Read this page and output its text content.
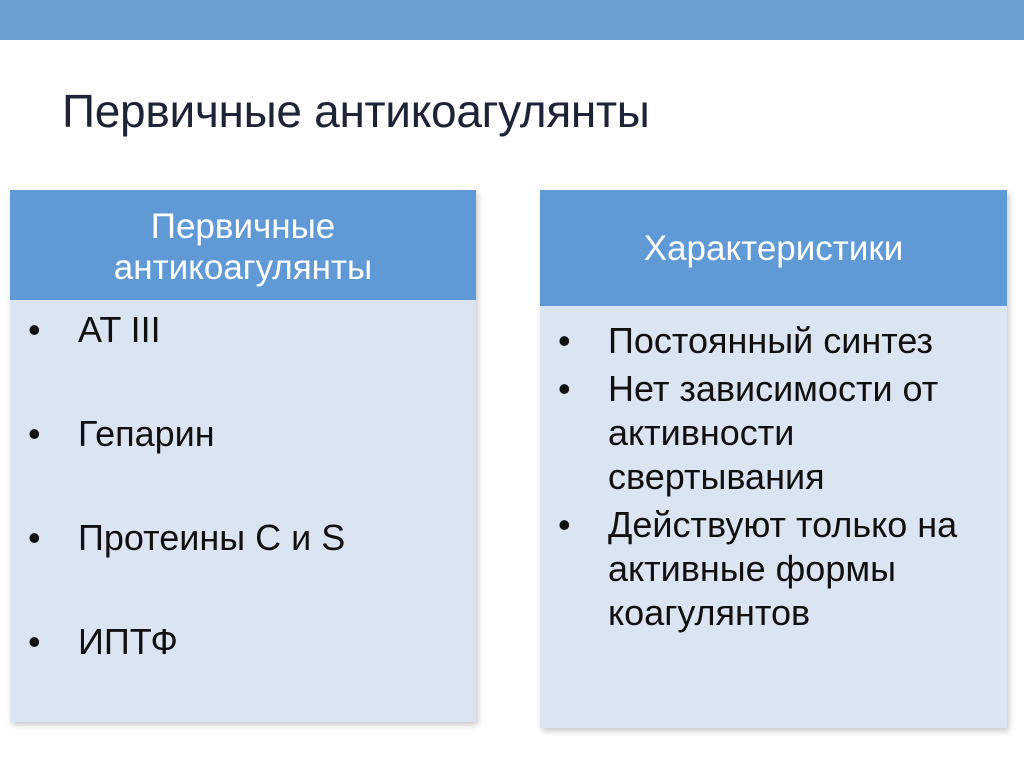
Первичные антикоагулянты
Первичные
антикоагулянты
• AT III
• Гепарин
• Протеины С и S
• ИПТФ
Характеристики
• Постоянный синтез
• Нет зависимости от активности свертывания
• Действуют только на активные формы коагулянтов
